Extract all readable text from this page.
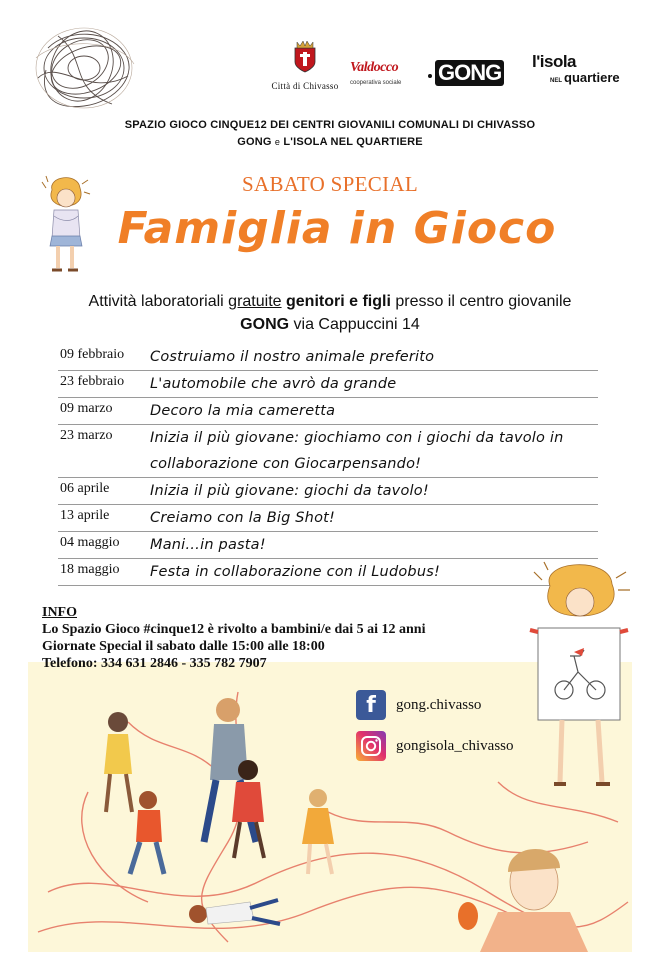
Città di Chivasso
Valdocco
cooperativa sociale	GONG	l'isola
NEL quartiere
SPAZIO GIOCO CINQUE12 DEI CENTRI GIOVANILI COMUNALI DI CHIVASSO
GONG e L'ISOLA NEL QUARTIERE
SABATO SPECIAL
Famiglia in Gioco
Attività laboratoriali gratuite genitori e figli presso il centro giovanile
GONG via Cappuccini 14
09 febbraio	Costruiamo il nostro animale preferito
23 febbraio	L'automobile che avrò da grande
09 marzo	Decoro la mia cameretta
23 marzo	Inizia il più giovane: giochiamo con i giochi da tavolo in collaborazione con Giocarpensando!
06 aprile	Inizia il più giovane: giochi da tavolo!
13 aprile	Creiamo con la Big Shot!
04 maggio	Mani…in pasta!
18 maggio	Festa in collaborazione con il Ludobus!
INFO
Lo Spazio Gioco #cinque12 è rivolto a bambini/e dai 5 ai 12 anni
Giornate Special il sabato dalle 15:00 alle 18:00
Telefono: 334 631 2846 - 335 782 7907
f	gong.chivasso
gongisola_chivasso
